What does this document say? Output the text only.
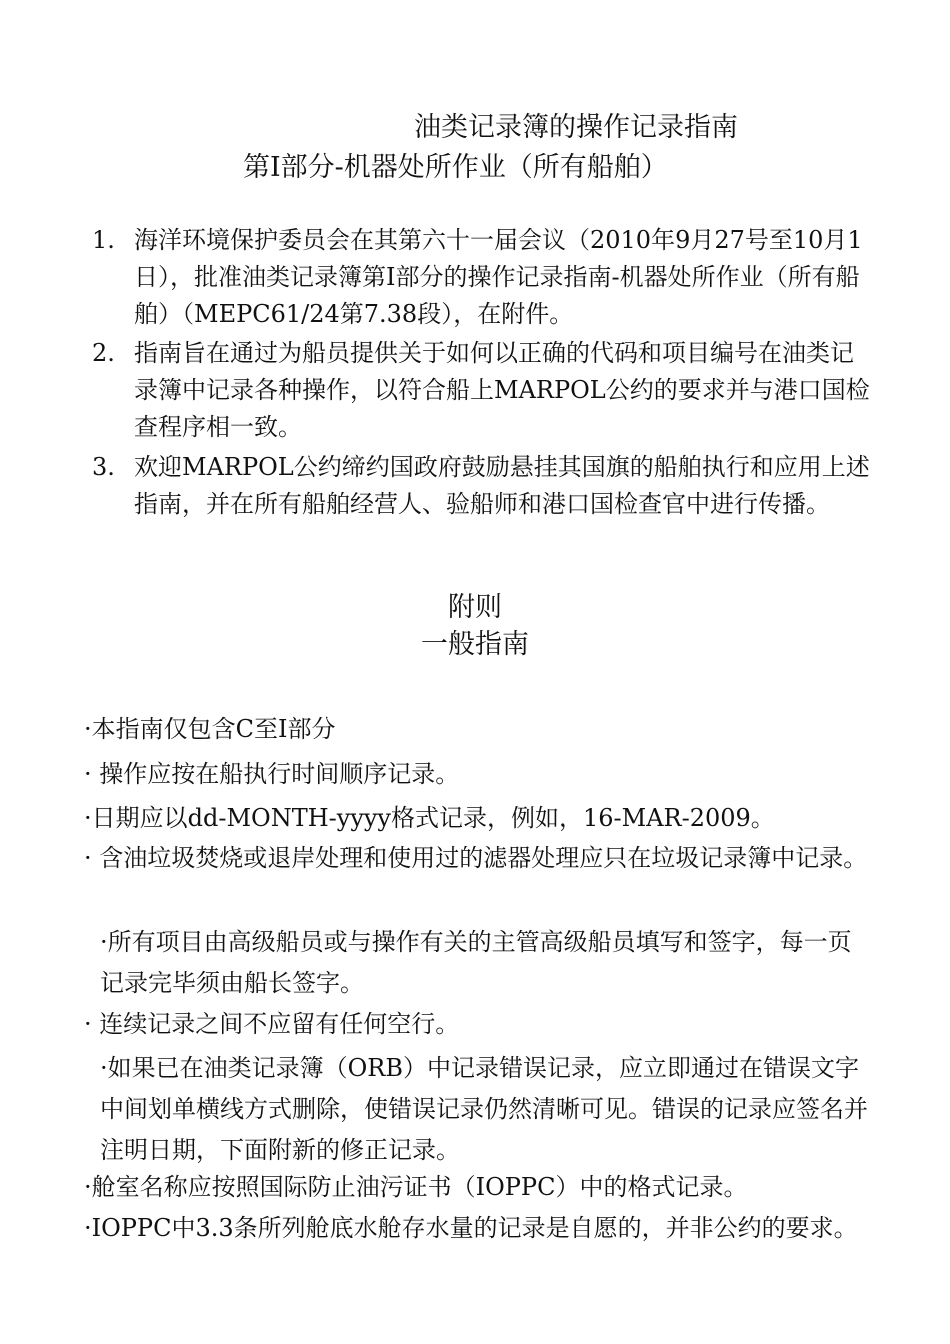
油类记录簿的操作记录指南
第Ⅰ部分-机器处所作业（所有船舶）
1. 海洋环境保护委员会在其第六十一届会议（2010年9月27号至10月1日），批准油类记录簿第Ⅰ部分的操作记录指南-机器处所作业（所有船舶）（MEPC61/24第7.38段），在附件。
2. 指南旨在通过为船员提供关于如何以正确的代码和项目编号在油类记录簿中记录各种操作，以符合船上MARPOL公约的要求并与港口国检查程序相一致。
3. 欢迎MARPOL公约缔约国政府鼓励悬挂其国旗的船舶执行和应用上述指南，并在所有船舶经营人、验船师和港口国检查官中进行传播。
附则
一般指南
·本指南仅包含C至I部分
· 操作应按在船执行时间顺序记录。
·日期应以dd-MONTH-yyyy格式记录，例如，16-MAR-2009。
· 含油垃圾焚烧或退岸处理和使用过的滤器处理应只在垃圾记录簿中记录。
·所有项目由高级船员或与操作有关的主管高级船员填写和签字，每一页记录完毕须由船长签字。
· 连续记录之间不应留有任何空行。
·如果已在油类记录簿（ORB）中记录错误记录，应立即通过在错误文字中间划单横线方式删除，使错误记录仍然清晰可见。错误的记录应签名并注明日期，下面附新的修正记录。
·舱室名称应按照国际防止油污证书（IOPPC）中的格式记录。
·IOPPC中3.3条所列舱底水舱存水量的记录是自愿的，并非公约的要求。
